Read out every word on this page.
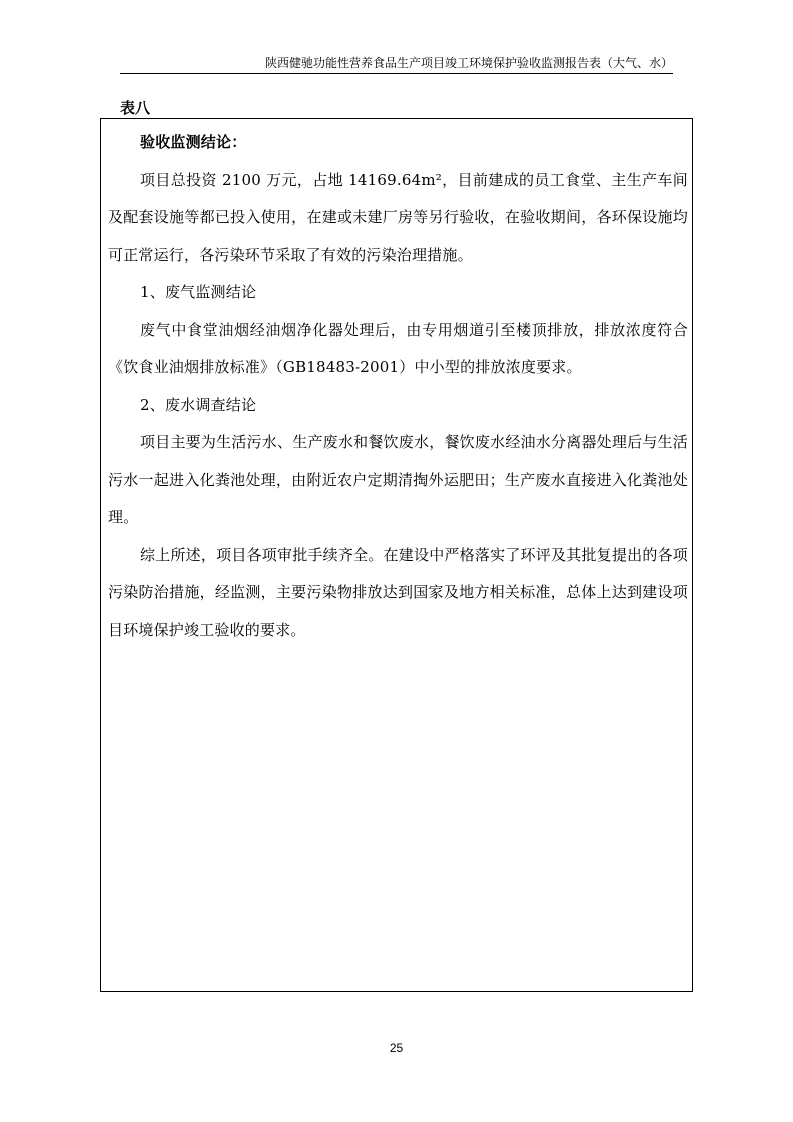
陕西健驰功能性营养食品生产项目竣工环境保护验收监测报告表（大气、水）
表八

验收监测结论：

项目总投资 2100 万元，占地 14169.64m²，目前建成的员工食堂、主生产车间及配套设施等都已投入使用，在建或未建厂房等另行验收，在验收期间，各环保设施均可正常运行，各污染环节采取了有效的污染治理措施。

1、废气监测结论

废气中食堂油烟经油烟净化器处理后，由专用烟道引至楼顶排放，排放浓度符合《饮食业油烟排放标准》（GB18483-2001）中小型的排放浓度要求。

2、废水调查结论

项目主要为生活污水、生产废水和餐饮废水，餐饮废水经油水分离器处理后与生活污水一起进入化粪池处理，由附近农户定期清掏外运肥田；生产废水直接进入化粪池处理。

综上所述，项目各项审批手续齐全。在建设中严格落实了环评及其批复提出的各项污染防治措施，经监测，主要污染物排放达到国家及地方相关标准，总体上达到建设项目环境保护竣工验收的要求。

25
